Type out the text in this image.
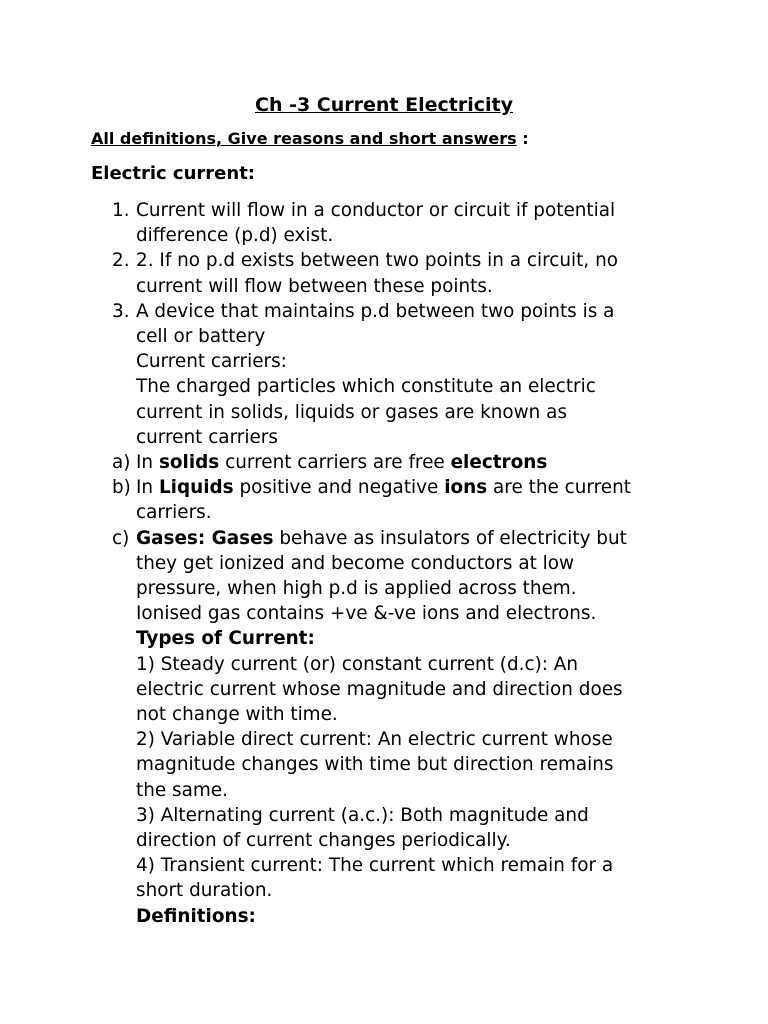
Ch -3 Current Electricity
All definitions, Give reasons and short answers :
Electric current:
1. Current will flow in a conductor or circuit if potential
difference (p.d) exist.
2. 2. If no p.d exists between two points in a circuit, no
current will flow between these points.
3. A device that maintains p.d between two points is a
cell or battery
Current carriers:
The charged particles which constitute an electric
current in solids, liquids or gases are known as
current carriers
a) In solids current carriers are free electrons
b) In Liquids positive and negative ions are the current
carriers.
c) Gases: Gases behave as insulators of electricity but
they get ionized and become conductors at low
pressure, when high p.d is applied across them.
Ionised gas contains +ve &-ve ions and electrons.
Types of Current:
1) Steady current (or) constant current (d.c): An
electric current whose magnitude and direction does
not change with time.
2) Variable direct current: An electric current whose
magnitude changes with time but direction remains
the same.
3) Alternating current (a.c.): Both magnitude and
direction of current changes periodically.
4) Transient current: The current which remain for a
short duration.
Definitions:
